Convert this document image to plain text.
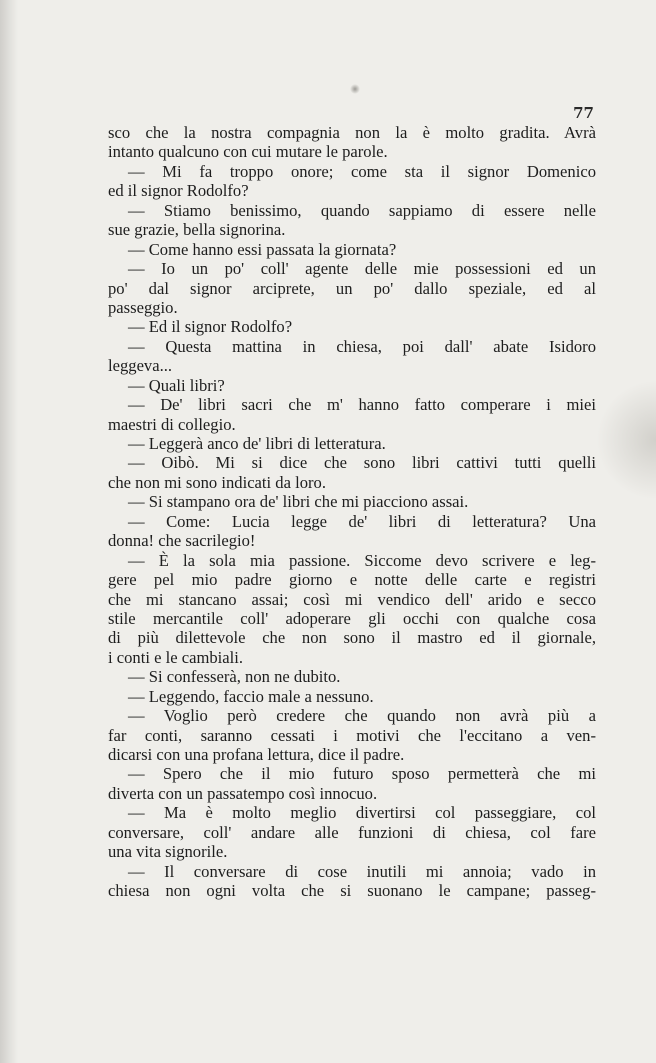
77
sco che la nostra compagnia non la è molto gradita. Avrà
intanto qualcuno con cui mutare le parole.
— Mi fa troppo onore; come sta il signor Domenico
ed il signor Rodolfo?
— Stiamo benissimo, quando sappiamo di essere nelle
sue grazie, bella signorina.
— Come hanno essi passata la giornata?
— Io un po' coll' agente delle mie possessioni ed un
po' dal signor arciprete, un po' dallo speziale, ed al
passeggio.
— Ed il signor Rodolfo?
— Questa mattina in chiesa, poi dall' abate Isidoro
leggeva...
— Quali libri?
— De' libri sacri che m' hanno fatto comperare i miei
maestri di collegio.
— Leggerà anco de' libri di letteratura.
— Oibò. Mi si dice che sono libri cattivi tutti quelli
che non mi sono indicati da loro.
— Si stampano ora de' libri che mi piacciono assai.
— Come: Lucia legge de' libri di letteratura? Una
donna! che sacrilegio!
— È la sola mia passione. Siccome devo scrivere e leg-
gere pel mio padre giorno e notte delle carte e registri
che mi stancano assai; così mi vendico dell' arido e secco
stile mercantile coll' adoperare gli occhi con qualche cosa
di più dilettevole che non sono il mastro ed il giornale,
i conti e le cambiali.
— Si confesserà, non ne dubito.
— Leggendo, faccio male a nessuno.
— Voglio però credere che quando non avrà più a
far conti, saranno cessati i motivi che l'eccitano a ven-
dicarsi con una profana lettura, dice il padre.
— Spero che il mio futuro sposo permetterà che mi
diverta con un passatempo così innocuo.
— Ma è molto meglio divertirsi col passeggiare, col
conversare, coll' andare alle funzioni di chiesa, col fare
una vita signorile.
— Il conversare di cose inutili mi annoia; vado in
chiesa non ogni volta che si suonano le campane; passeg-
